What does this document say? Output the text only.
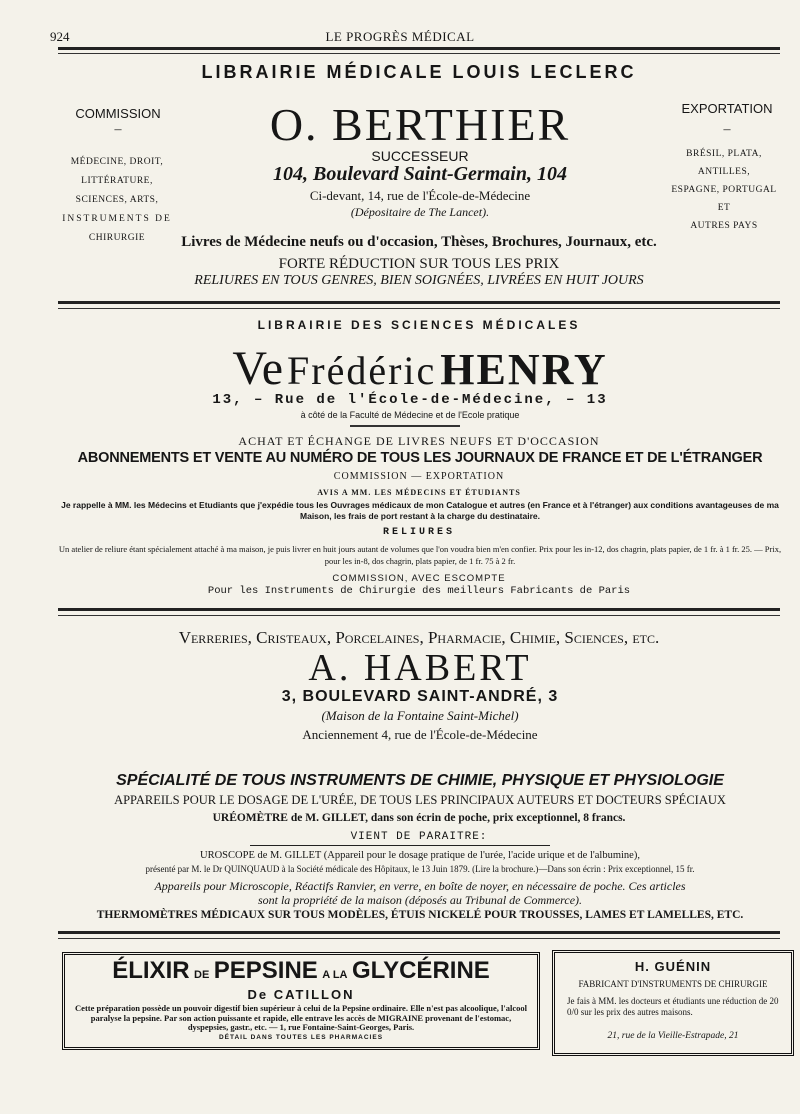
924	LE PROGRÈS MÉDICAL
LIBRAIRIE MÉDICALE LOUIS LECLERC
COMMISSION
–
MÉDECINE, DROIT,
LITTÉRATURE,
SCIENCES, ARTS,
INSTRUMENTS DE
CHIRURGIE
EXPORTATION
–
BRÉSIL, PLATA,
ANTILLES,
ESPAGNE, PORTUGAL
ET
AUTRES PAYS
O. BERTHIER
SUCCESSEUR
104, Boulevard Saint-Germain, 104
Ci-devant, 14, rue de l'École-de-Médecine
(Dépositaire de The Lancet).
Livres de Médecine neufs ou d'occasion, Thèses, Brochures, Journaux, etc.
FORTE RÉDUCTION SUR TOUS LES PRIX
RELIURES EN TOUS GENRES, BIEN SOIGNÉES, LIVRÉES EN HUIT JOURS
LIBRAIRIE DES SCIENCES MÉDICALES
Ve Frédéric HENRY
13, – Rue de l'École-de-Médecine, – 13
à côté de la Faculté de Médecine et de l'Ecole pratique
ACHAT ET ÉCHANGE DE LIVRES NEUFS ET D'OCCASION
ABONNEMENTS ET VENTE AU NUMÉRO DE TOUS LES JOURNAUX DE FRANCE ET DE L'ÉTRANGER
COMMISSION — EXPORTATION
AVIS A MM. LES MÉDECINS ET ÉTUDIANTS
Je rappelle à MM. les Médecins et Etudiants que j'expédie tous les Ouvrages médicaux de mon Catalogue et autres (en France et à l'étranger) aux conditions avantageuses de ma Maison, les frais de port restant à la charge du destinataire.
RELIURES
Un atelier de reliure étant spécialement attaché à ma maison, je puis livrer en huit jours autant de volumes que l'on voudra bien m'en confier. Prix pour les in-12, dos chagrin, plats papier, de 1 fr. à 1 fr. 25. — Prix, pour les in-8, dos chagrin, plats papier, de 1 fr. 75 à 2 fr.
COMMISSION, AVEC ESCOMPTE
Pour les Instruments de Chirurgie des meilleurs Fabricants de Paris
Verreries, Cristeaux, Porcelaines, Pharmacie, Chimie, Sciences, etc.
A. HABERT
3, BOULEVARD SAINT-ANDRÉ, 3
(Maison de la Fontaine Saint-Michel)
Anciennement 4, rue de l'École-de-Médecine
SPÉCIALITÉ DE TOUS INSTRUMENTS DE CHIMIE, PHYSIQUE ET PHYSIOLOGIE
APPAREILS POUR LE DOSAGE DE L'URÉE, DE TOUS LES PRINCIPAUX AUTEURS ET DOCTEURS SPÉCIAUX
URÉOMÈTRE de M. GILLET, dans son écrin de poche, prix exceptionnel, 8 francs.
VIENT DE PARAITRE:
UROSCOPE de M. GILLET (Appareil pour le dosage pratique de l'urée, l'acide urique et de l'albumine),
présenté par M. le Dr QUINQUAUD à la Société médicale des Hôpitaux, le 13 Juin 1879. (Lire la brochure.)—Dans son écrin : Prix exceptionnel, 15 fr.
Appareils pour Microscopie, Réactifs Ranvier, en verre, en boîte de noyer, en nécessaire de poche. Ces articles
sont la propriété de la maison (déposés au Tribunal de Commerce).
THERMOMÈTRES MÉDICAUX SUR TOUS MODÈLES, ÉTUIS NICKELÉ POUR TROUSSES, LAMES ET LAMELLES, ETC.
ÉLIXIR DE PEPSINE A LA GLYCÉRINE
De CATILLON
Cette préparation possède un pouvoir digestif bien supérieur à celui de la Pepsine ordinaire. Elle n'est pas alcoolique, l'alcool paralyse la pepsine. Par son action puissante et rapide, elle entrave les accès de MIGRAINE provenant de l'estomac, dyspepsies, gastr., etc. — 1, rue Fontaine-Saint-Georges, Paris.
DÉTAIL DANS TOUTES LES PHARMACIES
H. GUÉNIN
FABRICANT D'INSTRUMENTS DE CHIRURGIE
Je fais à MM. les docteurs et étudiants une réduction de 20 0/0 sur les prix des autres maisons.
21, rue de la Vieille-Estrapade, 21
